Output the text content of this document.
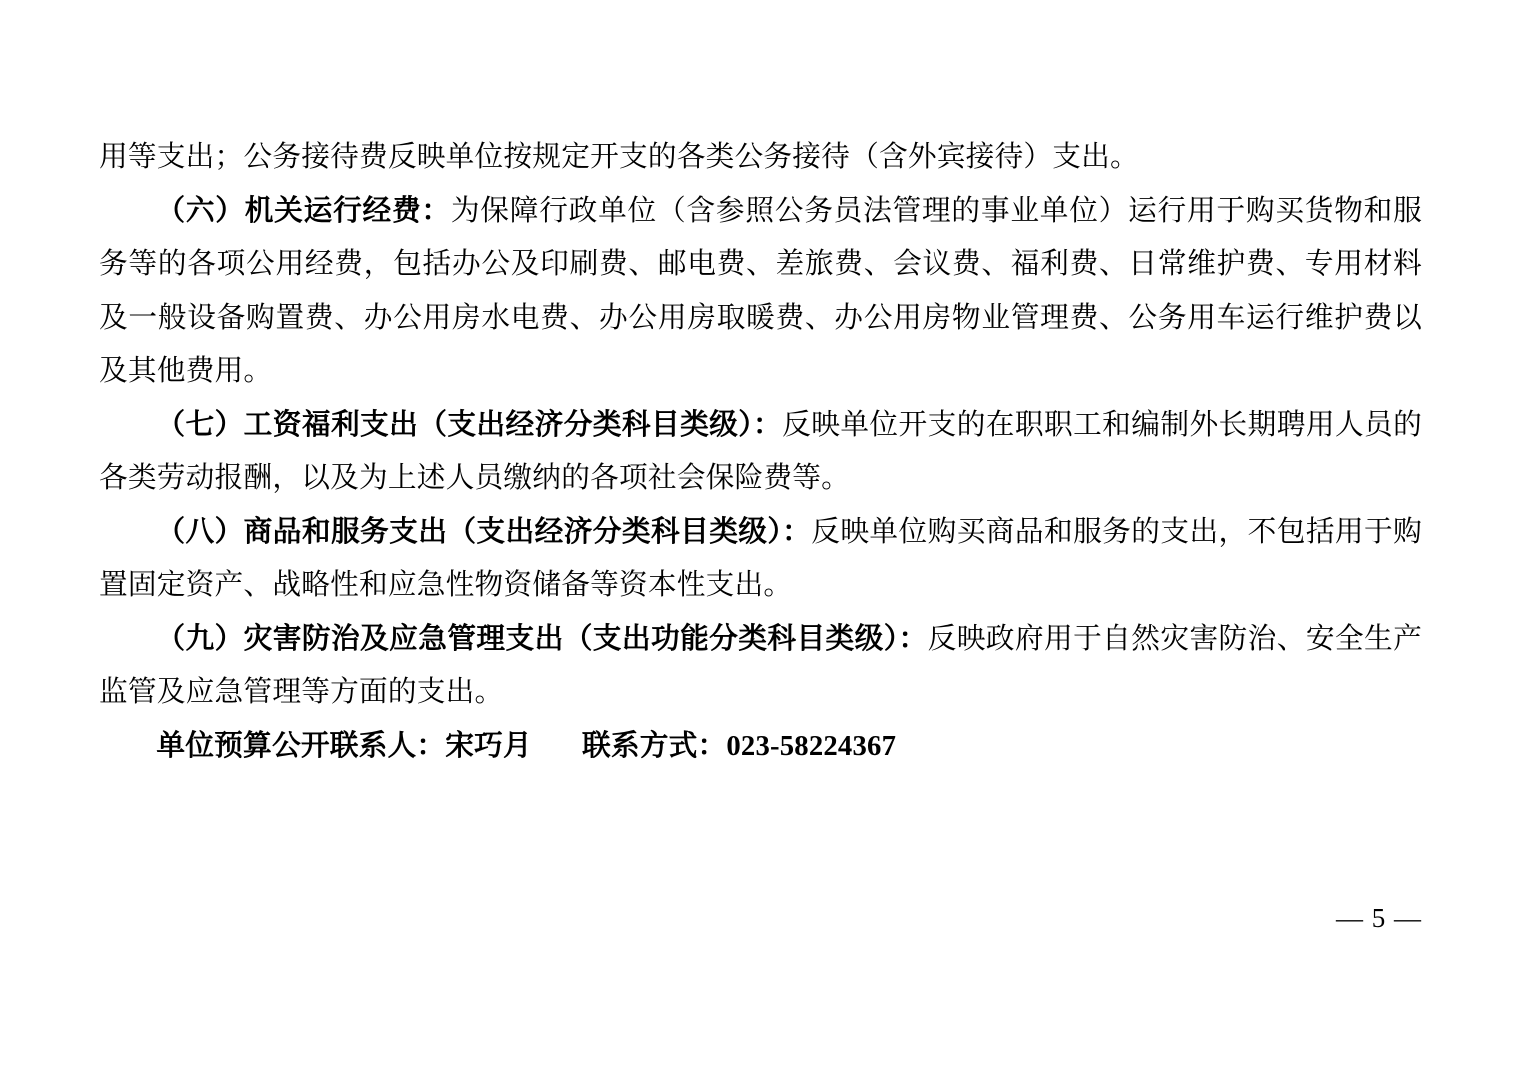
用等支出；公务接待费反映单位按规定开支的各类公务接待（含外宾接待）支出。

（六）机关运行经费：为保障行政单位（含参照公务员法管理的事业单位）运行用于购买货物和服务等的各项公用经费，包括办公及印刷费、邮电费、差旅费、会议费、福利费、日常维护费、专用材料及一般设备购置费、办公用房水电费、办公用房取暖费、办公用房物业管理费、公务用车运行维护费以及其他费用。

（七）工资福利支出（支出经济分类科目类级）：反映单位开支的在职职工和编制外长期聘用人员的各类劳动报酬，以及为上述人员缴纳的各项社会保险费等。

（八）商品和服务支出（支出经济分类科目类级）：反映单位购买商品和服务的支出，不包括用于购置固定资产、战略性和应急性物资储备等资本性支出。

（九）灾害防治及应急管理支出（支出功能分类科目类级）：反映政府用于自然灾害防治、安全生产监管及应急管理等方面的支出。

单位预算公开联系人：宋巧月 联系方式：023-58224367

— 5 —
